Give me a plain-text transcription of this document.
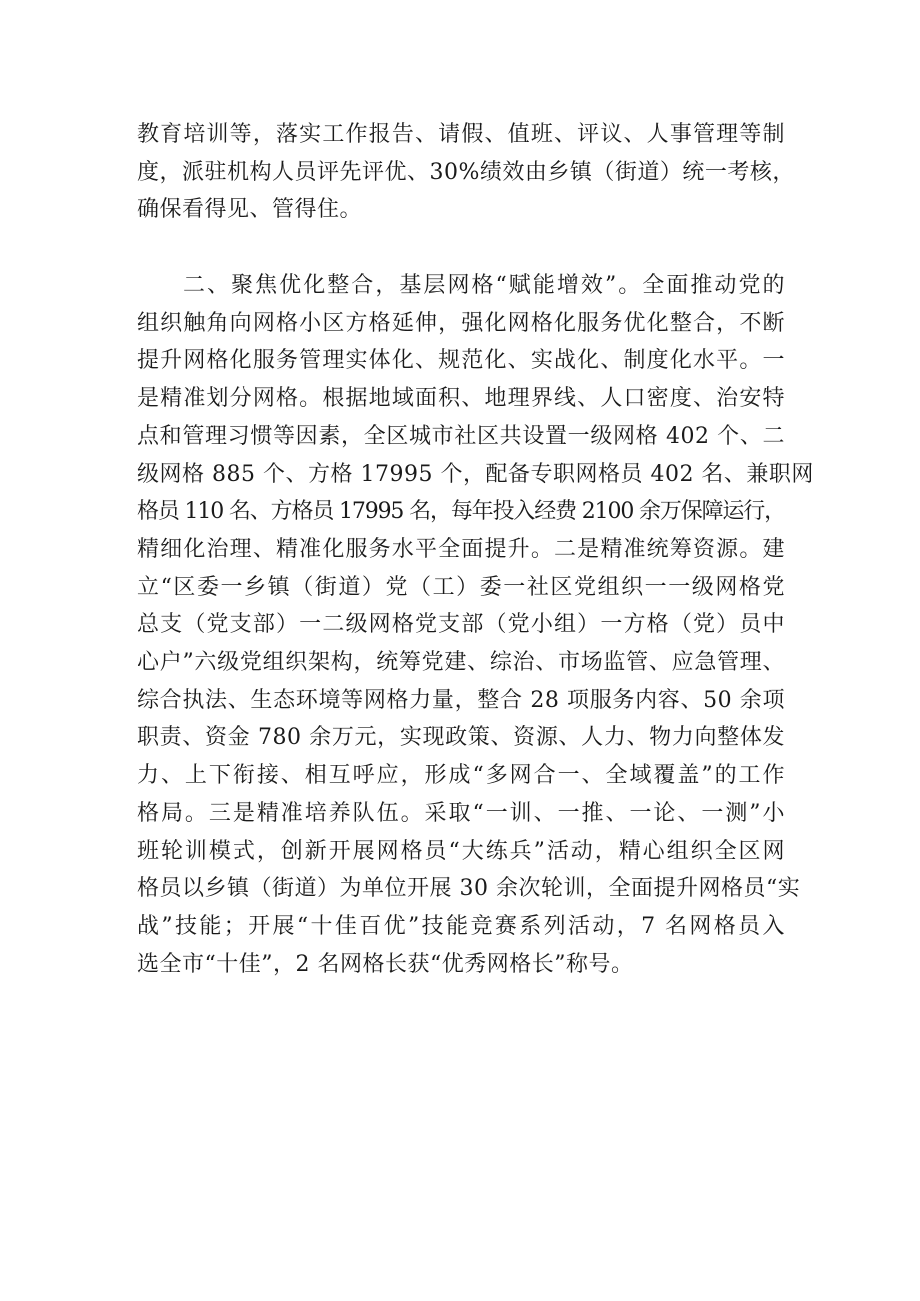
教育培训等，落实工作报告、请假、值班、评议、人事管理等制
度，派驻机构人员评先评优、30%绩效由乡镇（街道）统一考核，
确保看得见、管得住。
二、聚焦优化整合，基层网格“赋能增效”。全面推动党的
组织触角向网格小区方格延伸，强化网格化服务优化整合，不断
提升网格化服务管理实体化、规范化、实战化、制度化水平。一
是精准划分网格。根据地域面积、地理界线、人口密度、治安特
点和管理习惯等因素，全区城市社区共设置一级网格 402 个、二
级网格 885 个、方格 17995 个，配备专职网格员 402 名、兼职网
格员 110 名、方格员 17995 名，每年投入经费 2100 余万保障运行，
精细化治理、精准化服务水平全面提升。二是精准统筹资源。建
立“区委一乡镇（街道）党（工）委一社区党组织一一级网格党
总支（党支部）一二级网格党支部（党小组）一方格（党）员中
心户”六级党组织架构，统筹党建、综治、市场监管、应急管理、
综合执法、生态环境等网格力量，整合 28 项服务内容、50 余项
职责、资金 780 余万元，实现政策、资源、人力、物力向整体发
力、上下衔接、相互呼应，形成“多网合一、全域覆盖”的工作
格局。三是精准培养队伍。采取“一训、一推、一论、一测”小
班轮训模式，创新开展网格员“大练兵”活动，精心组织全区网
格员以乡镇（街道）为单位开展 30 余次轮训，全面提升网格员“实
战”技能；开展“十佳百优”技能竞赛系列活动，7 名网格员入
选全市“十佳”，2 名网格长获“优秀网格长”称号。
